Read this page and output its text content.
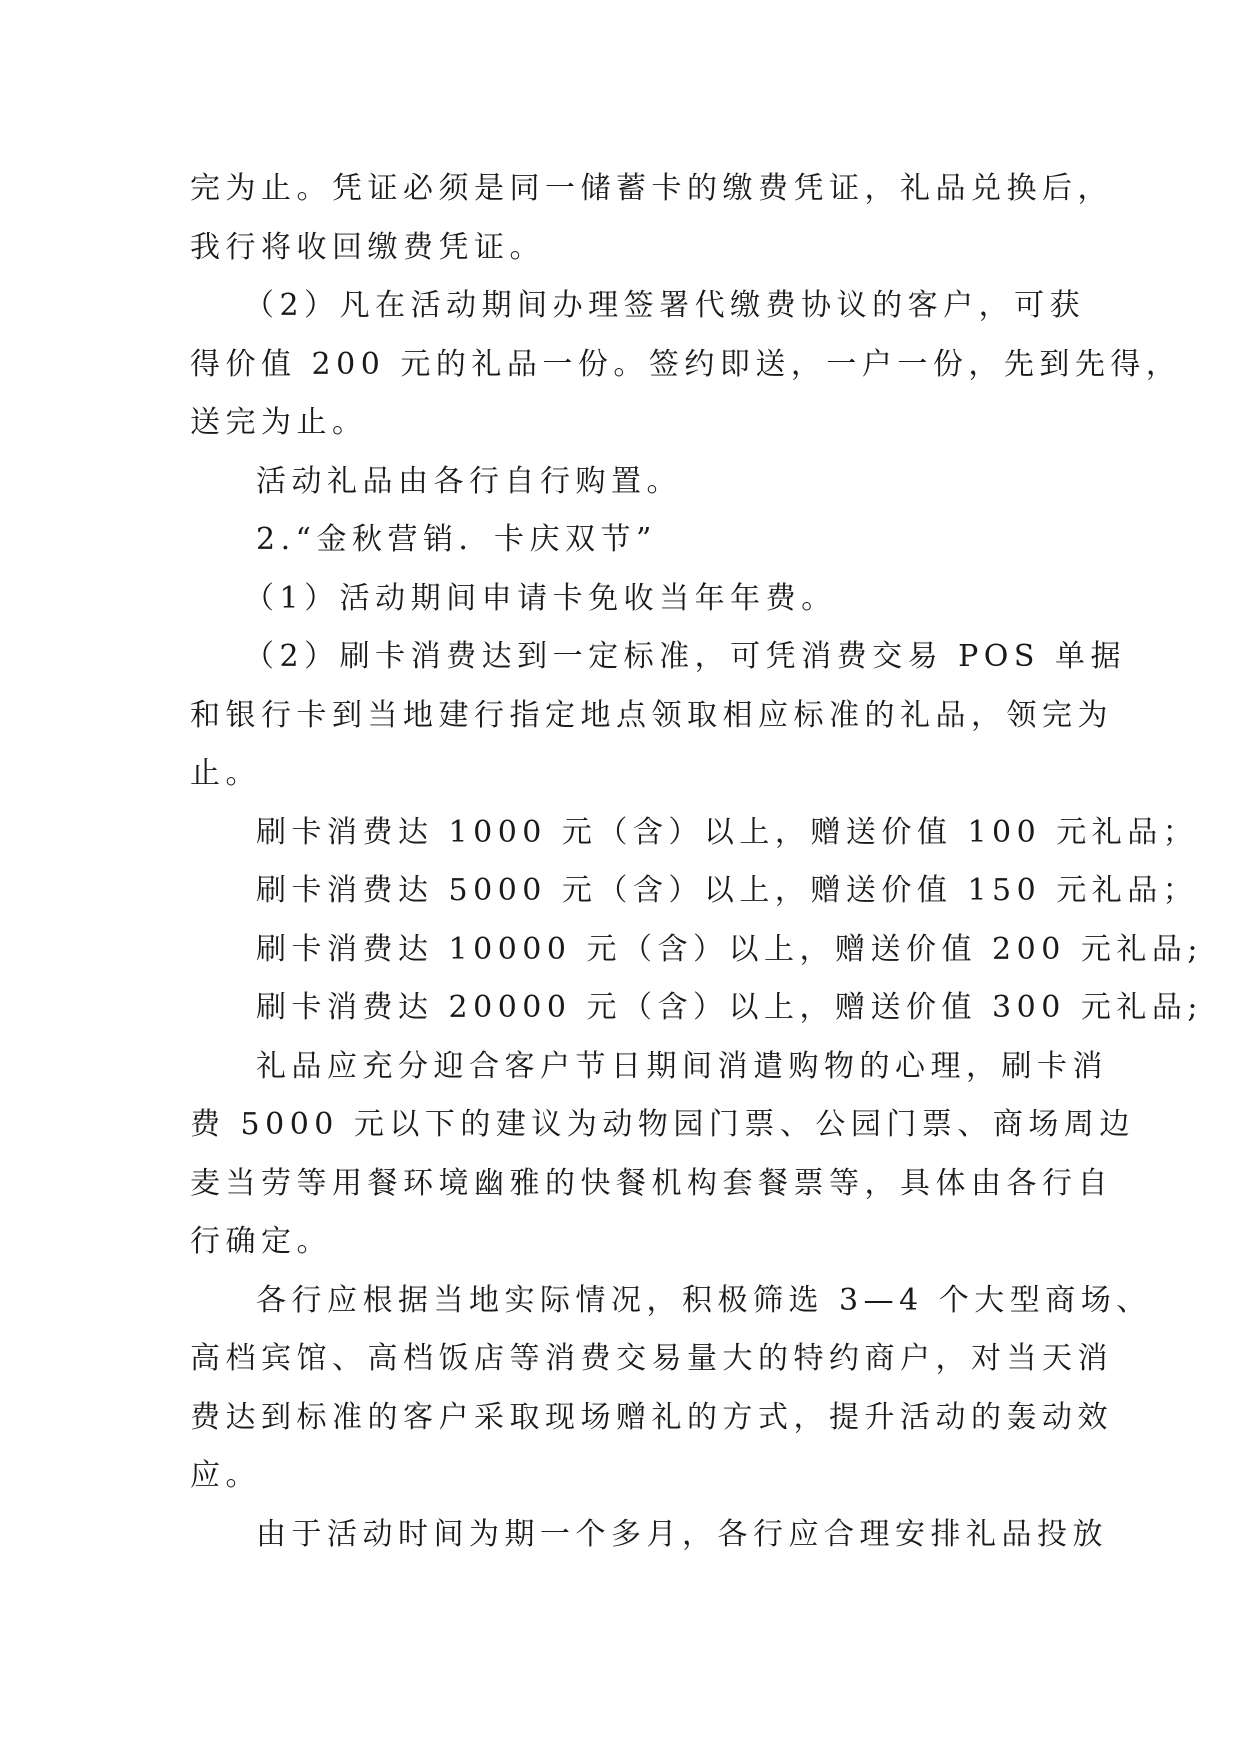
完为止。凭证必须是同一储蓄卡的缴费凭证，礼品兑换后，
我行将收回缴费凭证。
（2）凡在活动期间办理签署代缴费协议的客户，可获
得价值 200 元的礼品一份。签约即送，一户一份，先到先得，
送完为止。
活动礼品由各行自行购置。
2.“金秋营销．卡庆双节”
（1）活动期间申请卡免收当年年费。
（2）刷卡消费达到一定标准，可凭消费交易 POS 单据
和银行卡到当地建行指定地点领取相应标准的礼品，领完为
止。
刷卡消费达 1000 元（含）以上，赠送价值 100 元礼品；
刷卡消费达 5000 元（含）以上，赠送价值 150 元礼品；
刷卡消费达 10000 元（含）以上，赠送价值 200 元礼品;
刷卡消费达 20000 元（含）以上，赠送价值 300 元礼品;
礼品应充分迎合客户节日期间消遣购物的心理，刷卡消
费 5000 元以下的建议为动物园门票、公园门票、商场周边
麦当劳等用餐环境幽雅的快餐机构套餐票等，具体由各行自
行确定。
各行应根据当地实际情况，积极筛选 3—4 个大型商场、
高档宾馆、高档饭店等消费交易量大的特约商户，对当天消
费达到标准的客户采取现场赠礼的方式，提升活动的轰动效
应。
由于活动时间为期一个多月，各行应合理安排礼品投放
